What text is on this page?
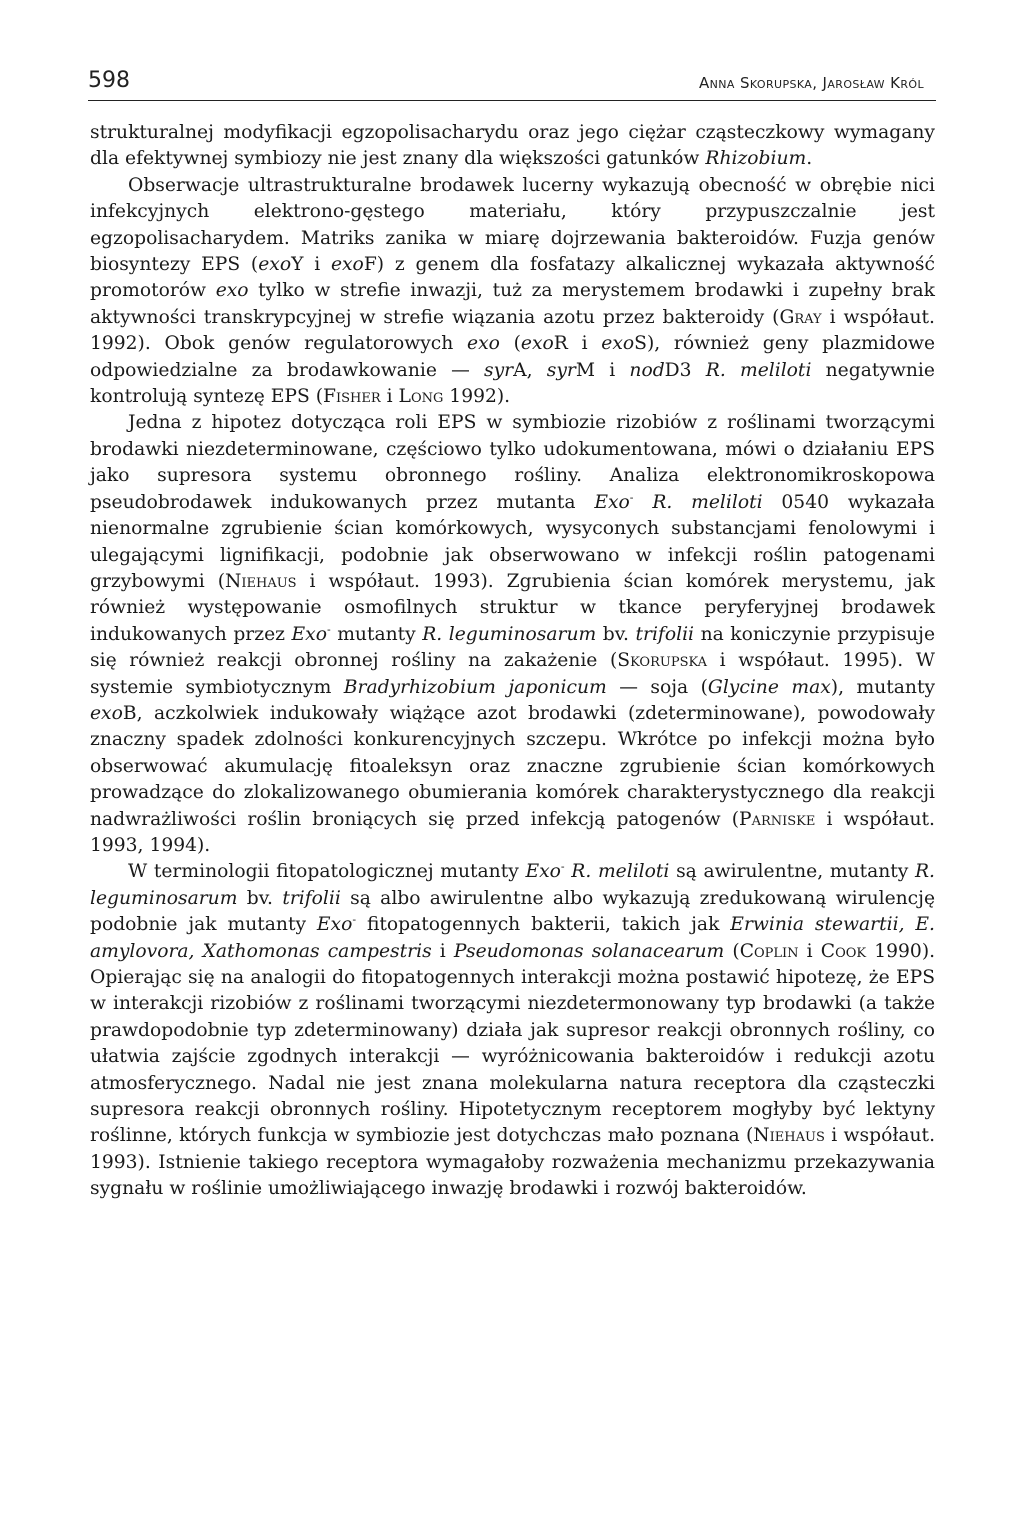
598	Anna Skorupska, Jarosław Król

strukturalnej modyfikacji egzopolisacharydu oraz jego ciężar cząsteczkowy wymagany dla efektywnej symbiozy nie jest znany dla większości gatunków Rhizobium.

Obserwacje ultrastrukturalne brodawek lucerny wykazują obecność w obrębie nici infekcyjnych elektrono-gęstego materiału, który przypuszczalnie jest egzopolisacharydem. Matriks zanika w miarę dojrzewania bakteroidów. Fuzja genów biosyntezy EPS (exoY i exoF) z genem dla fosfatazy alkalicznej wykazała aktywność promotorów exo tylko w strefie inwazji, tuż za merystemem brodawki i zupełny brak aktywności transkrypcyjnej w strefie wiązania azotu przez bakteroidy (Gray i współaut. 1992). Obok genów regulatorowych exo (exoR i exoS), również geny plazmidowe odpowiedzialne za brodawkowanie — syrA, syrM i nodD3 R. meliloti negatywnie kontrolują syntezę EPS (Fisher i Long 1992).

Jedna z hipotez dotycząca roli EPS w symbiozie rizobiów z roślinami tworzącymi brodawki niezdeterminowane, częściowo tylko udokumentowana, mówi o działaniu EPS jako supresora systemu obronnego rośliny. Analiza elektronomikroskopowa pseudobrodawek indukowanych przez mutanta Exo- R. meliloti 0540 wykazała nienormalne zgrubienie ścian komórkowych, wysyconych substancjami fenolowymi i ulegającymi lignifikacji, podobnie jak obserwowano w infekcji roślin patogenami grzybowymi (Niehaus i współaut. 1993). Zgrubienia ścian komórek merystemu, jak również występowanie osmofilnych struktur w tkance peryferyjnej brodawek indukowanych przez Exo- mutanty R. leguminosarum bv. trifolii na koniczynie przypisuje się również reakcji obronnej rośliny na zakażenie (Skorupska i współaut. 1995). W systemie symbiotycznym Bradyrhizobium japonicum — soja (Glycine max), mutanty exoB, aczkolwiek indukowały wiążące azot brodawki (zdeterminowane), powodowały znaczny spadek zdolności konkurencyjnych szczepu. Wkrótce po infekcji można było obserwować akumulację fitoaleksyn oraz znaczne zgrubienie ścian komórkowych prowadzące do zlokalizowanego obumierania komórek charakterystycznego dla reakcji nadwrażliwości roślin broniących się przed infekcją patogenów (Parniske i współaut. 1993, 1994).

W terminologii fitopatologicznej mutanty Exo- R. meliloti są awirulentne, mutanty R. leguminosarum bv. trifolii są albo awirulentne albo wykazują zredukowaną wirulencję podobnie jak mutanty Exo- fitopatogennych bakterii, takich jak Erwinia stewartii, E. amylovora, Xathomonas campestris i Pseudomonas solanacearum (Coplin i Cook 1990). Opierając się na analogii do fitopatogennych interakcji można postawić hipotezę, że EPS w interakcji rizobiów z roślinami tworzącymi niezdetermonowany typ brodawki (a także prawdopodobnie typ zdeterminowany) działa jak supresor reakcji obronnych rośliny, co ułatwia zajście zgodnych interakcji — wyróżnicowania bakteroidów i redukcji azotu atmosferycznego. Nadal nie jest znana molekularna natura receptora dla cząsteczki supresora reakcji obronnych rośliny. Hipotetycznym receptorem mogłyby być lektyny roślinne, których funkcja w symbiozie jest dotychczas mało poznana (Niehaus i współaut. 1993). Istnienie takiego receptora wymagałoby rozważenia mechanizmu przekazywania sygnału w roślinie umożliwiającego inwazję brodawki i rozwój bakteroidów.
